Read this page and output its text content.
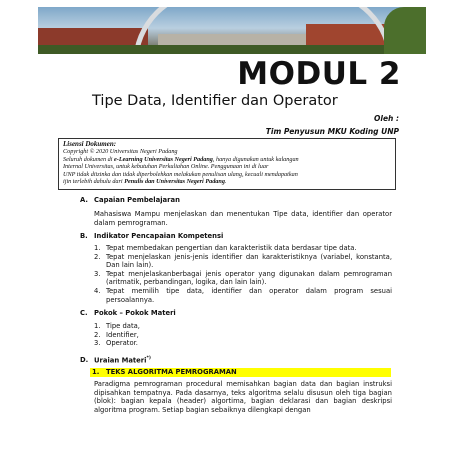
MODUL 2
Tipe Data, Identifier dan Operator
Oleh :
Tim Penyusun MKU Koding UNP
Lisensi Dokumen:
Copyright © 2020 Universitas Negeri Padang
Seluruh dokumen di e-Learning Universitas Negeri Padang, hanya digunakan untuk kalangan
Internal Universitas, untuk kebutuhan Perkuliahan Online. Penggunaan ini di luar
UNP tidak diizinka dan tidak diperbolehkan melakukan penulisan ulang, kecuali mendapatkan
ijin terlebih dahulu dari Penulis dan Universitas Negeri Padang.
A. Capaian Pembelajaran
Mahasiswa Mampu menjelaskan dan menentukan Tipe data, identifier dan operator dalam pemrograman.
B. Indikator Pencapaian Kompetensi
1. Tepat membedakan pengertian dan karakteristik data berdasar tipe data.
2. Tepat menjelaskan jenis-jenis identifier dan karakteristiknya (variabel, konstanta, Dan lain lain).
3. Tepat menjelaskanberbagai jenis operator yang digunakan dalam pemrograman (aritmatik, perbandingan, logika, dan lain lain).
4. Tepat memilih tipe data, identifier dan operator dalam program sesuai persoalannya.
C. Pokok – Pokok Materi
1. Tipe data,
2. Identifier,
3. Operator.
D. Uraian Materi*)
1. TEKS ALGORITMA PEMROGRAMAN
Paradigma pemrograman procedural memisahkan bagian data dan bagian instruksi dipisahkan tempatnya. Pada dasarnya, teks algoritma selalu disusun oleh tiga bagian (blok): bagian kepala (header) algortima, bagian deklarasi dan bagian deskripsi algoritma program. Setiap bagian sebaiknya dilengkapi dengan
